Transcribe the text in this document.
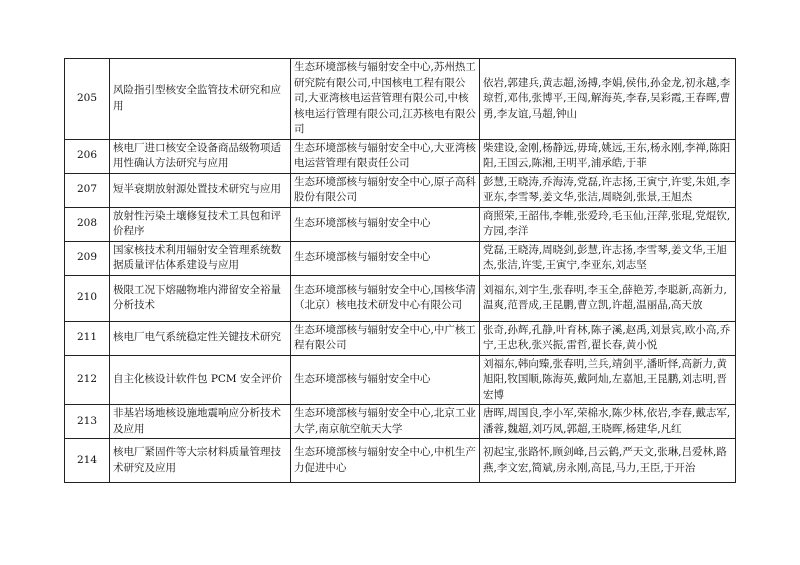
205	风险指引型核安全监管技术研究和应用	生态环境部核与辐射安全中心,苏州热工研究院有限公司,中国核电工程有限公司,大亚湾核电运营管理有限公司,中核核电运行管理有限公司,江苏核电有限公司	依岩,郭建兵,黄志超,汤搏,李娟,侯伟,孙金龙,初永越,李琼哲,邓伟,张博平,王闯,解海英,李春,吴彩霞,王春晖,曹勇,李友谊,马超,钟山
206	核电厂进口核安全设备商品级物项适用性确认方法研究与应用	生态环境部核与辐射安全中心,大亚湾核电运营管理有限责任公司	柴建设,金刚,杨静远,毋琦,姚远,王东,杨永刚,李禅,陈阳阳,王国云,陈湘,王明平,浦承皓,于菲
207	短半衰期放射源处置技术研究与应用	生态环境部核与辐射安全中心,原子高科股份有限公司	彭慧,王晓涛,乔海涛,党磊,许志扬,王寅宁,许雯,朱姐,李亚东,李雪琴,姜文华,张洁,周晓剑,张景,王旭杰
208	放射性污染土壤修复技术工具包和评价程序	生态环境部核与辐射安全中心	商照荣,王韶伟,李帷,张爱玲,毛玉仙,汪萍,张琨,党焜钦,方园,李洋
209	国家核技术利用辐射安全管理系统数据质量评估体系建设与应用	生态环境部核与辐射安全中心	党磊,王晓涛,周晓剑,彭慧,许志扬,李雪琴,姜文华,王旭杰,张洁,许雯,王寅宁,李亚东,刘志坚
210	极限工况下熔融物堆内滞留安全裕量分析技术	生态环境部核与辐射安全中心,国核华清（北京）核电技术研发中心有限公司	刘福东,刘宇生,张春明,李玉全,薛艳芳,李聪新,高新力,温爽,范晋成,王昆鹏,曹立凯,许超,温丽晶,高天放
211	核电厂电气系统稳定性关键技术研究	生态环境部核与辐射安全中心,中广核工程有限公司	张奇,孙辉,孔静,叶育林,陈子溪,赵禹,刘景宾,欧小高,乔宁,王忠秋,张兴振,雷哲,翟长春,黄小悦
212	自主化核设计软件包 PCM 安全评价	生态环境部核与辐射安全中心	刘福东,韩向臻,张春明,兰兵,靖剑平,潘昕怿,高新力,黄旭阳,牧国顺,陈海英,戴阿灿,左嘉旭,王昆鹏,刘志明,晋宏博
213	非基岩场地核设施地震响应分析技术及应用	生态环境部核与辐射安全中心,北京工业大学,南京航空航天大学	唐晖,周国良,李小军,荣棉水,陈少林,依岩,李春,戴志军,潘蓉,魏超,刘巧凤,郭超,王晓晖,杨建华,凡红
214	核电厂紧固件等大宗材料质量管理技术研究及应用	生态环境部核与辐射安全中心,中机生产力促进中心	初起宝,张路怀,顾剑峰,吕云鹤,严天文,张琳,吕爱林,路燕,李文宏,简斌,房永刚,高昆,马力,王臣,于开治
